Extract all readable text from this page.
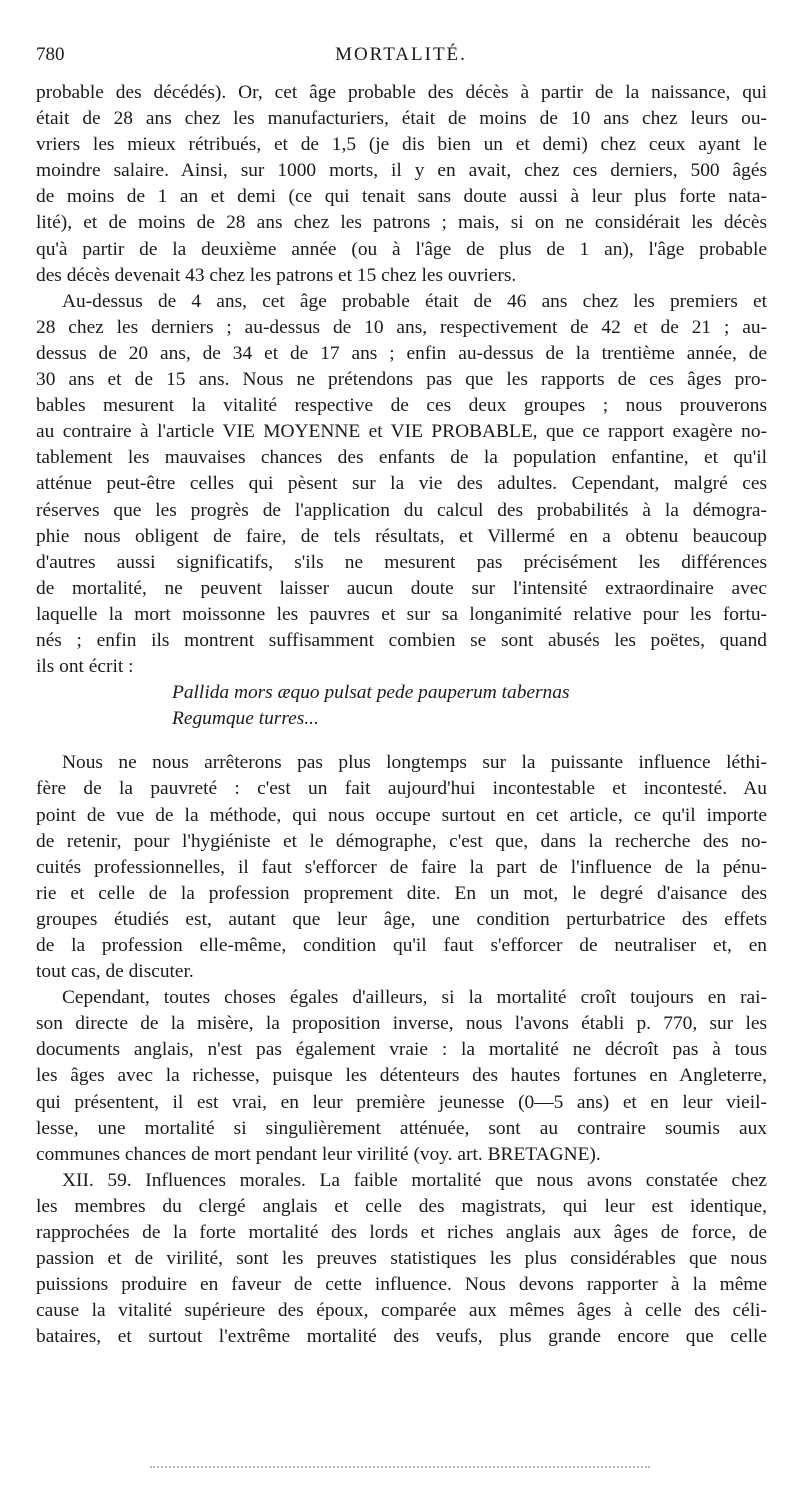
780	MORTALITÉ.
probable des décédés). Or, cet âge probable des décès à partir de la naissance, qui
était de 28 ans chez les manufacturiers, était de moins de 10 ans chez leurs ou-
vriers les mieux rétribués, et de 1,5 (je dis bien un et demi) chez ceux ayant le
moindre salaire. Ainsi, sur 1000 morts, il y en avait, chez ces derniers, 500 âgés
de moins de 1 an et demi (ce qui tenait sans doute aussi à leur plus forte nata-
lité), et de moins de 28 ans chez les patrons ; mais, si on ne considérait les décès
qu'à partir de la deuxième année (ou à l'âge de plus de 1 an), l'âge probable
des décès devenait 43 chez les patrons et 15 chez les ouvriers.
Au-dessus de 4 ans, cet âge probable était de 46 ans chez les premiers et
28 chez les derniers ; au-dessus de 10 ans, respectivement de 42 et de 21 ; au-
dessus de 20 ans, de 34 et de 17 ans ; enfin au-dessus de la trentième année, de
30 ans et de 15 ans. Nous ne prétendons pas que les rapports de ces âges pro-
bables mesurent la vitalité respective de ces deux groupes ; nous prouverons
au contraire à l'article VIE MOYENNE et VIE PROBABLE, que ce rapport exagère no-
tablement les mauvaises chances des enfants de la population enfantine, et qu'il
atténue peut-être celles qui pèsent sur la vie des adultes. Cependant, malgré ces
réserves que les progrès de l'application du calcul des probabilités à la démogra-
phie nous obligent de faire, de tels résultats, et Villermé en a obtenu beaucoup
d'autres aussi significatifs, s'ils ne mesurent pas précisément les différences
de mortalité, ne peuvent laisser aucun doute sur l'intensité extraordinaire avec
laquelle la mort moissonne les pauvres et sur sa longanimité relative pour les fortu-
nés ; enfin ils montrent suffisamment combien se sont abusés les poëtes, quand
ils ont écrit :
Pallida mors æquo pulsat pede pauperum tabernas
Regumque turres...
Nous ne nous arrêterons pas plus longtemps sur la puissante influence léthi-
fère de la pauvreté : c'est un fait aujourd'hui incontestable et incontesté. Au
point de vue de la méthode, qui nous occupe surtout en cet article, ce qu'il importe
de retenir, pour l'hygiéniste et le démographe, c'est que, dans la recherche des no-
cuités professionnelles, il faut s'efforcer de faire la part de l'influence de la pénu-
rie et celle de la profession proprement dite. En un mot, le degré d'aisance des
groupes étudiés est, autant que leur âge, une condition perturbatrice des effets
de la profession elle-même, condition qu'il faut s'efforcer de neutraliser et, en
tout cas, de discuter.
Cependant, toutes choses égales d'ailleurs, si la mortalité croît toujours en rai-
son directe de la misère, la proposition inverse, nous l'avons établi p. 770, sur les
documents anglais, n'est pas également vraie : la mortalité ne décroît pas à tous
les âges avec la richesse, puisque les détenteurs des hautes fortunes en Angleterre,
qui présentent, il est vrai, en leur première jeunesse (0—5 ans) et en leur vieil-
lesse, une mortalité si singulièrement atténuée, sont au contraire soumis aux
communes chances de mort pendant leur virilité (voy. art. BRETAGNE).
XII. 59. Influences morales. La faible mortalité que nous avons constatée chez
les membres du clergé anglais et celle des magistrats, qui leur est identique,
rapprochées de la forte mortalité des lords et riches anglais aux âges de force, de
passion et de virilité, sont les preuves statistiques les plus considérables que nous
puissions produire en faveur de cette influence. Nous devons rapporter à la même
cause la vitalité supérieure des époux, comparée aux mêmes âges à celle des céli-
bataires, et surtout l'extrême mortalité des veufs, plus grande encore que celle
